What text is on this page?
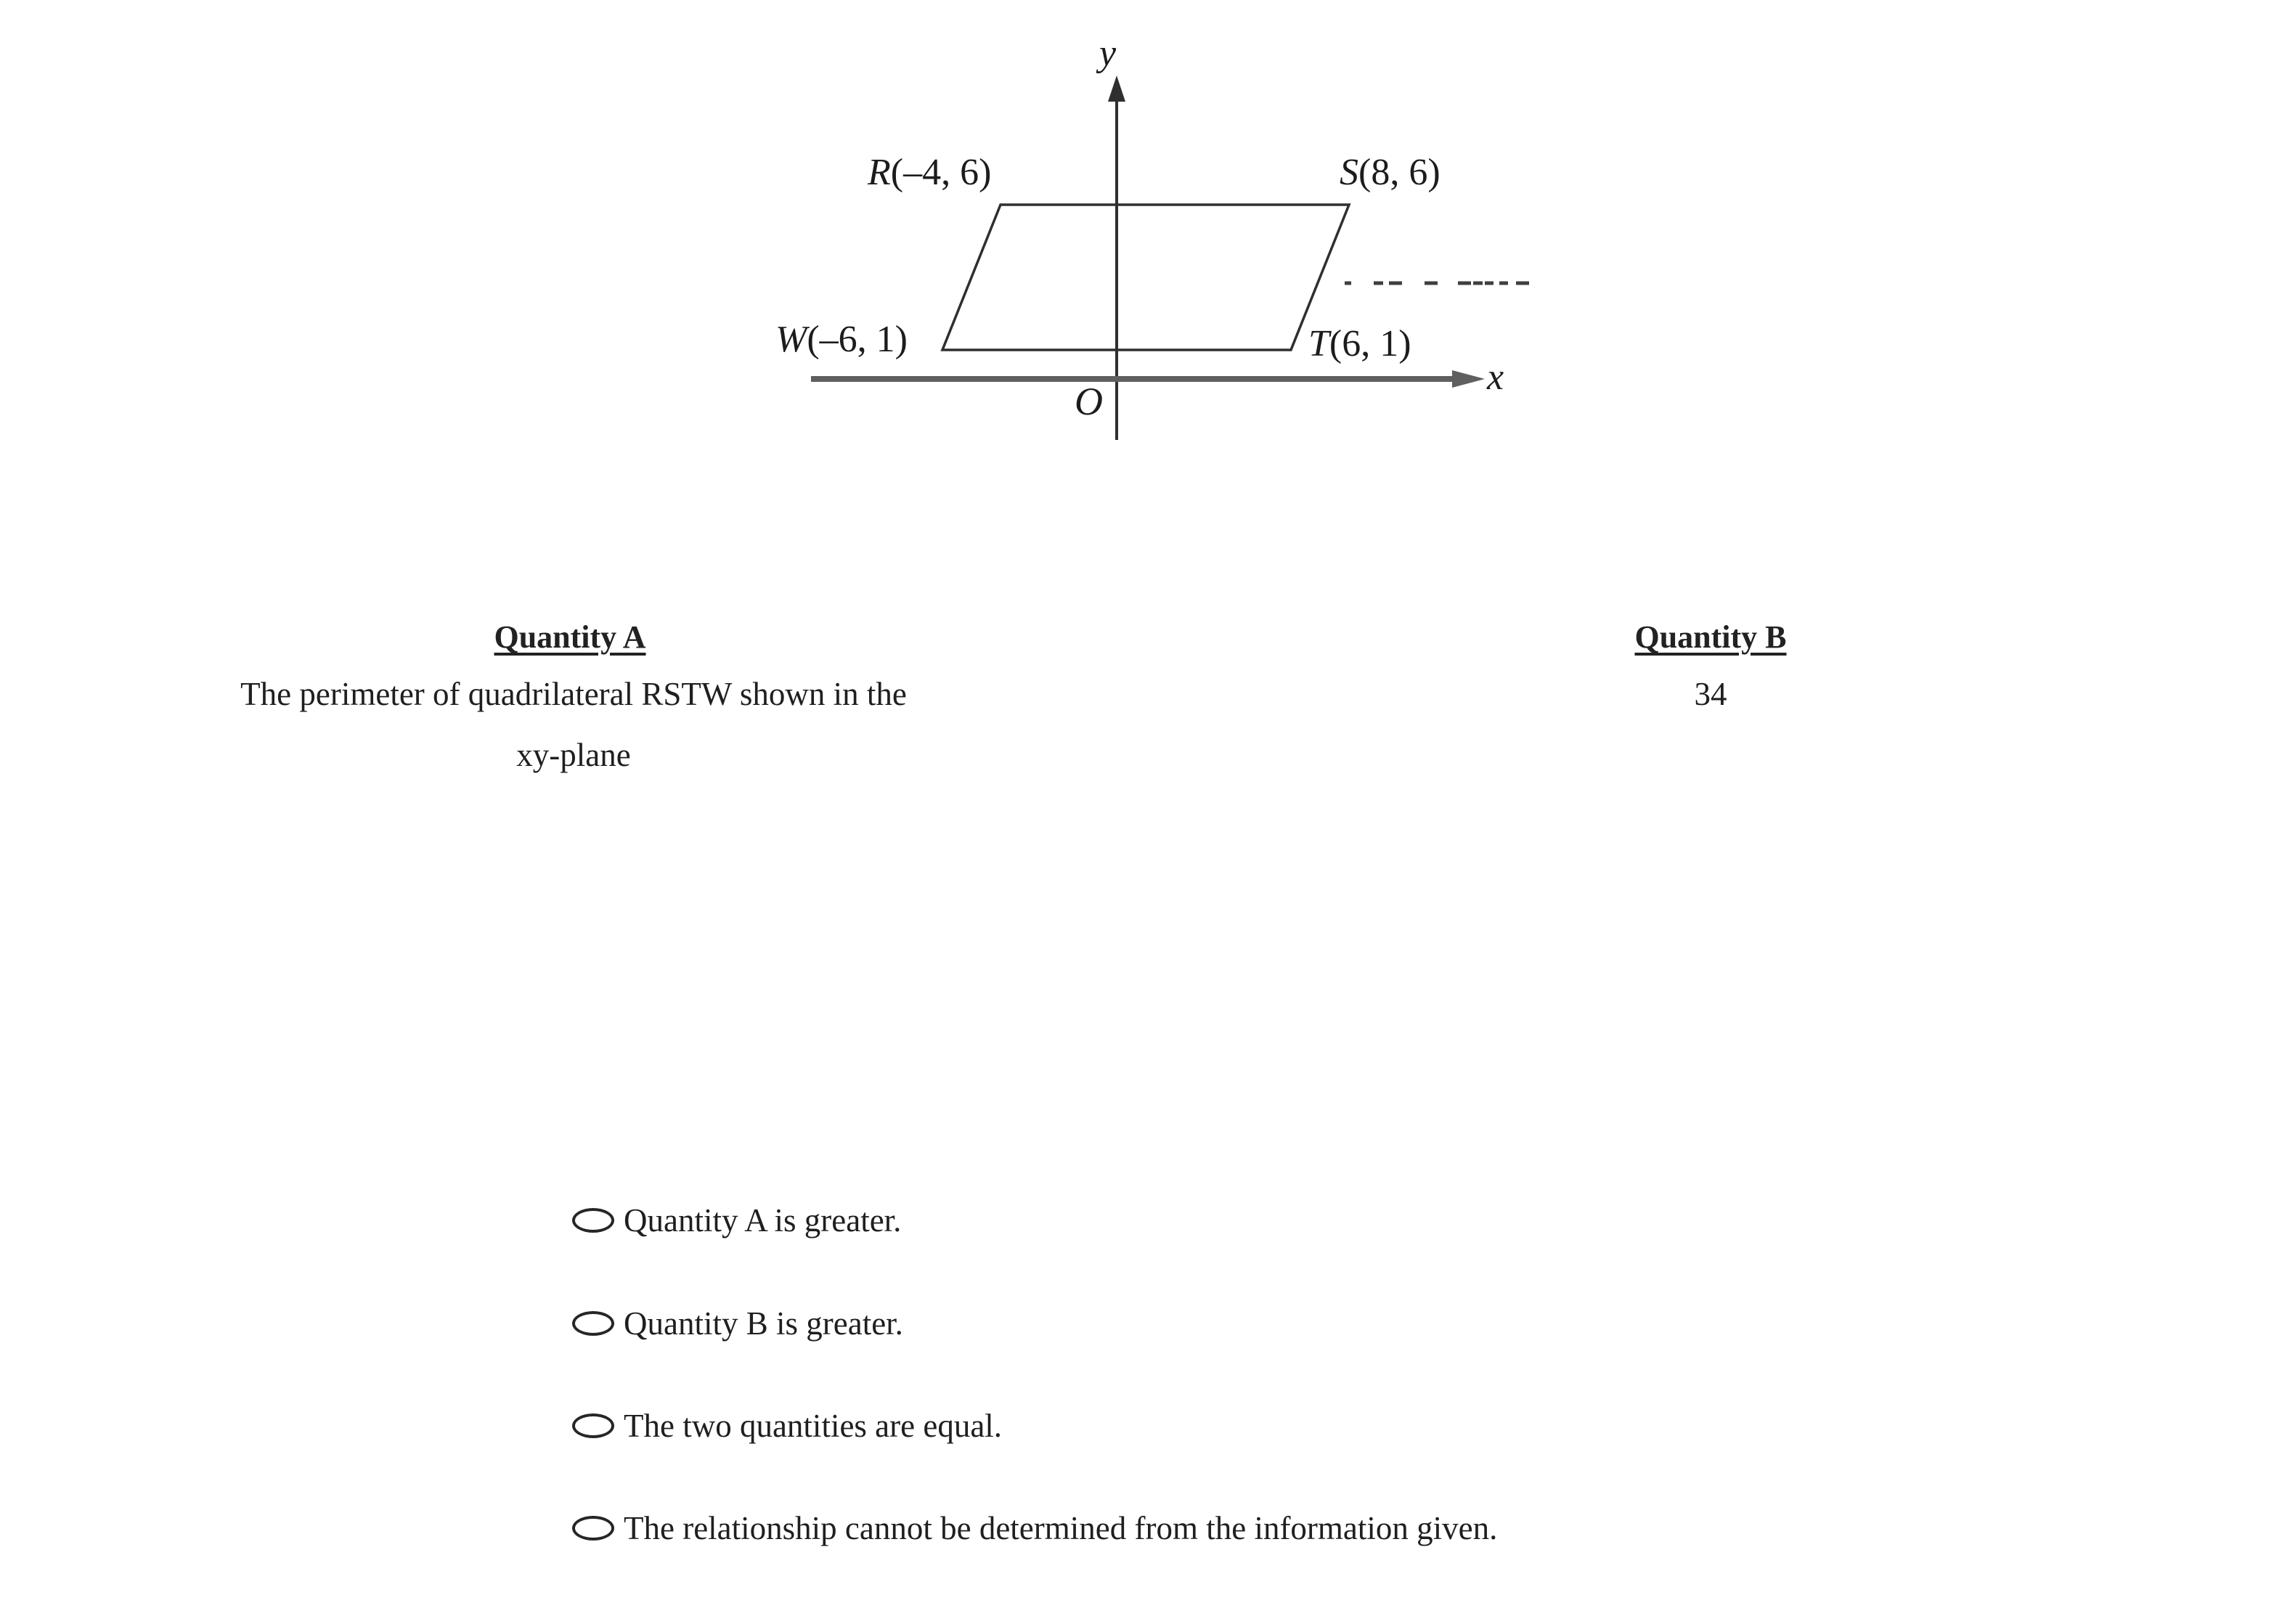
R(–4, 6)	S(8, 6)
T(6, 1)
W(–6, 1)
y
x
O
Quantity A
The perimeter of quadrilateral RSTW shown in the
xy-plane
Quantity B
34
Quantity A is greater.
Quantity B is greater.
The two quantities are equal.
The relationship cannot be determined from the information given.
